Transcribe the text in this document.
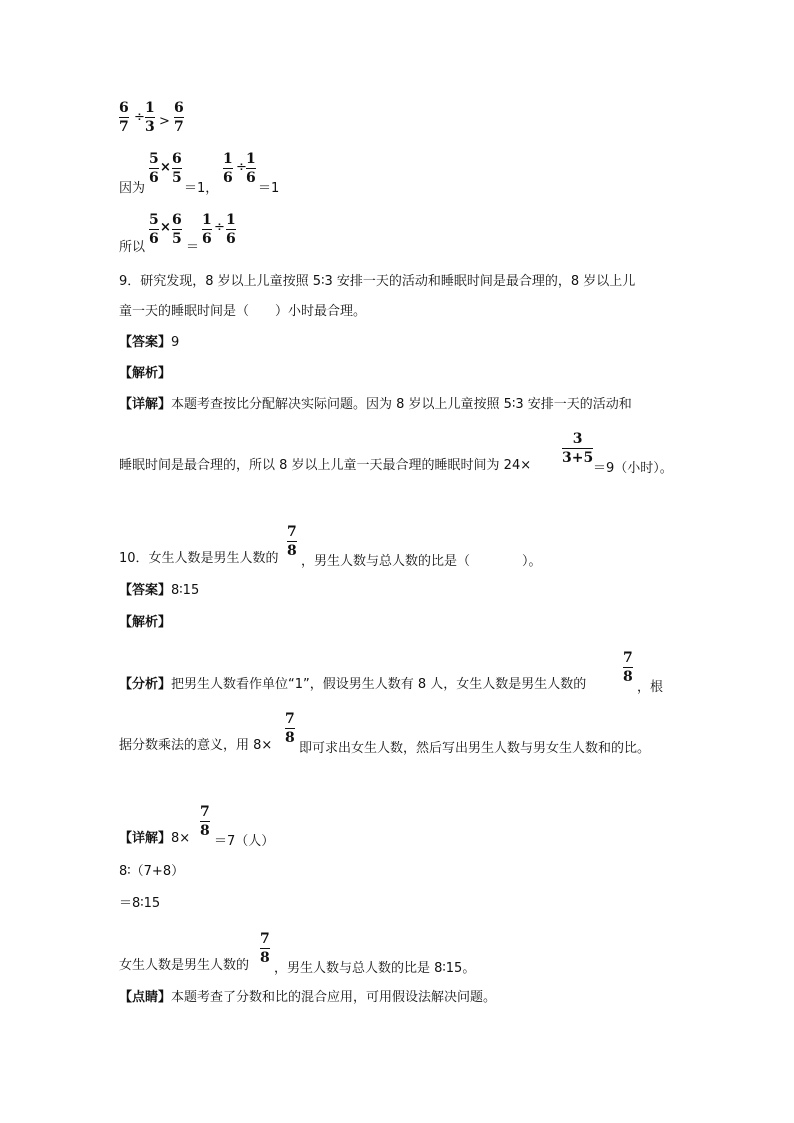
6
7
÷
1
3 >
6
7
因为
5
6
×
6
5
＝1，
1
6
÷
1
6
＝1
所以
5
6
× 6
5
＝
1
6
÷ 1
6
9．研究发现，8 岁以上儿童按照 5∶3 安排一天的活动和睡眠时间是最合理的，8 岁以上儿
童一天的睡眠时间是（　　）小时最合理。
【答案】9
【解析】
【详解】本题考查按比分配解决实际问题。因为 8 岁以上儿童按照 5∶3 安排一天的活动和
睡眠时间是最合理的，所以 8 岁以上儿童一天最合理的睡眠时间为 24×
3
3+5
＝9（小时）。
10．女生人数是男生人数的
7
8
，男生人数与总人数的比是（　　　　）。
【答案】8∶15
【解析】
【分析】把男生人数看作单位“1”，假设男生人数有 8 人，女生人数是男生人数的
7
8
，根
据分数乘法的意义，用 8×
7
8
即可求出女生人数，然后写出男生人数与男女生人数和的比。
【详解】8×
7
8
＝7（人）
8∶（7+8）
＝8∶15
女生人数是男生人数的
7
8
，男生人数与总人数的比是 8∶15。
【点睛】本题考查了分数和比的混合应用，可用假设法解决问题。
